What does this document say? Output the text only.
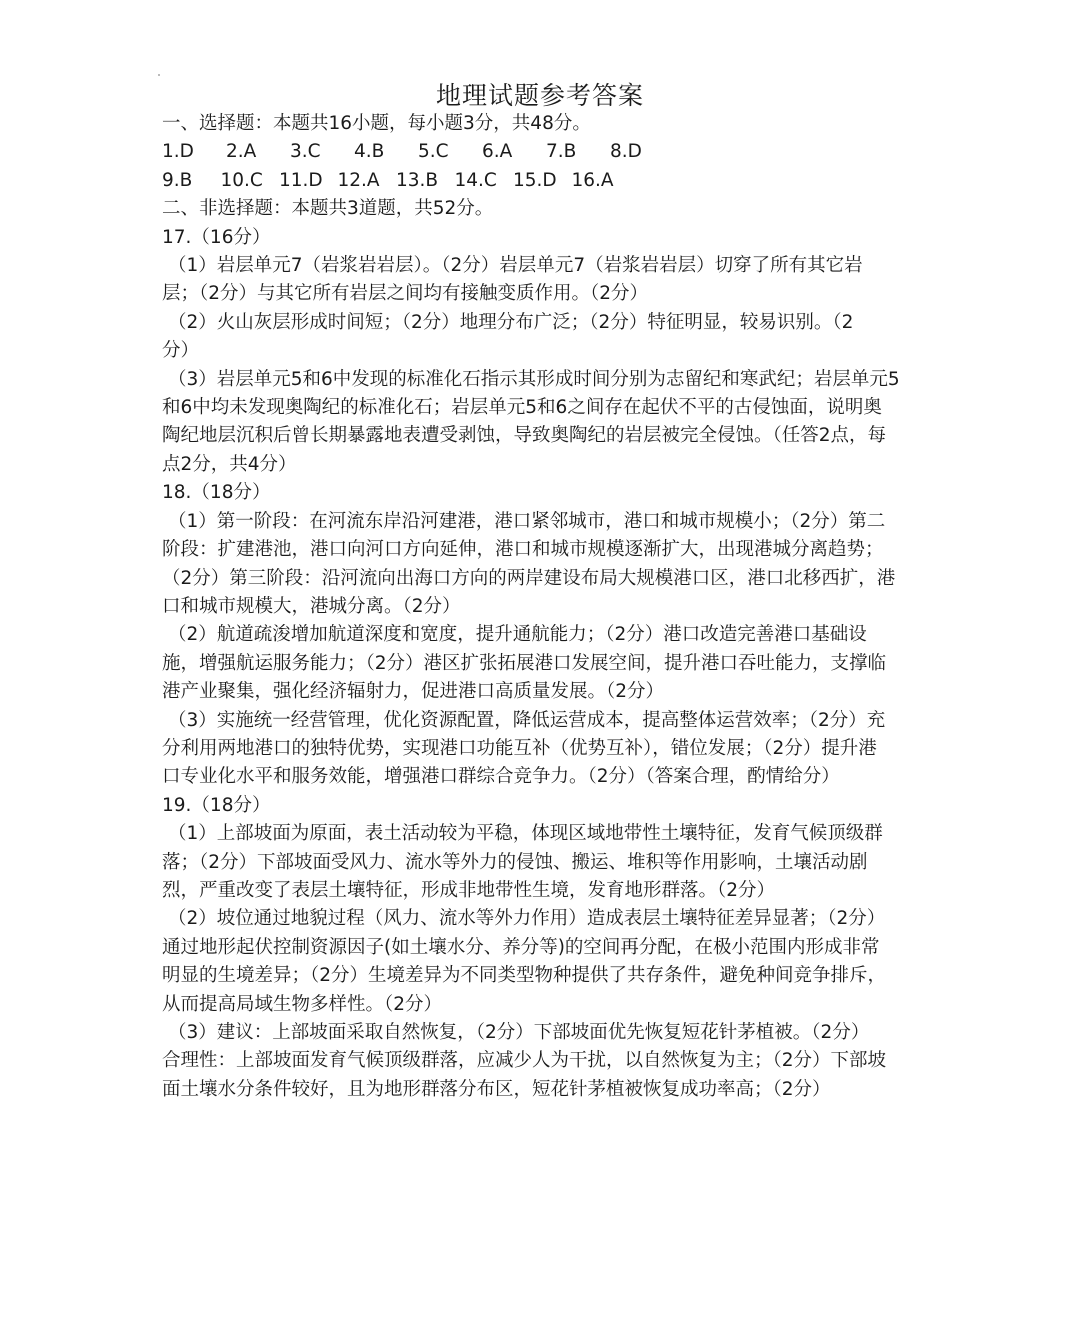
地理试题参考答案
一、选择题：本题共16小题，每小题3分，共48分。
1.D	2.A	3.C	4.B	5.C	6.A	7.B	8.D
9.B	10.C 11.D 12.A 13.B 14.C 15.D 16.A
二、非选择题：本题共3道题，共52分。
17.（16分）
（1）岩层单元7（岩浆岩岩层）。（2分）岩层单元7（岩浆岩岩层）切穿了所有其它岩
层；（2分）与其它所有岩层之间均有接触变质作用。（2分）
（2）火山灰层形成时间短；（2分）地理分布广泛；（2分）特征明显，较易识别。（2
分）
（3）岩层单元5和6中发现的标准化石指示其形成时间分别为志留纪和寒武纪；岩层单元5
和6中均未发现奥陶纪的标准化石；岩层单元5和6之间存在起伏不平的古侵蚀面，说明奥
陶纪地层沉积后曾长期暴露地表遭受剥蚀，导致奥陶纪的岩层被完全侵蚀。（任答2点，每
点2分，共4分）
18.（18分）
（1）第一阶段：在河流东岸沿河建港，港口紧邻城市，港口和城市规模小；（2分）第二
阶段：扩建港池，港口向河口方向延伸，港口和城市规模逐渐扩大，出现港城分离趋势；
（2分）第三阶段：沿河流向出海口方向的两岸建设布局大规模港口区，港口北移西扩，港
口和城市规模大，港城分离。（2分）
（2）航道疏浚增加航道深度和宽度，提升通航能力；（2分）港口改造完善港口基础设
施，增强航运服务能力；（2分）港区扩张拓展港口发展空间，提升港口吞吐能力，支撑临
港产业聚集，强化经济辐射力，促进港口高质量发展。（2分）
（3）实施统一经营管理，优化资源配置，降低运营成本，提高整体运营效率；（2分）充
分利用两地港口的独特优势，实现港口功能互补（优势互补），错位发展；（2分）提升港
口专业化水平和服务效能，增强港口群综合竞争力。（2分）（答案合理，酌情给分）
19.（18分）
（1）上部坡面为原面，表土活动较为平稳，体现区域地带性土壤特征，发育气候顶级群
落；（2分）下部坡面受风力、流水等外力的侵蚀、搬运、堆积等作用影响，土壤活动剧
烈，严重改变了表层土壤特征，形成非地带性生境，发育地形群落。（2分）
（2）坡位通过地貌过程（风力、流水等外力作用）造成表层土壤特征差异显著；（2分）
通过地形起伏控制资源因子(如土壤水分、养分等)的空间再分配，在极小范围内形成非常
明显的生境差异；（2分）生境差异为不同类型物种提供了共存条件，避免种间竞争排斥，
从而提高局域生物多样性。（2分）
（3）建议：上部坡面采取自然恢复，（2分）下部坡面优先恢复短花针茅植被。（2分）
合理性：上部坡面发育气候顶级群落，应减少人为干扰，以自然恢复为主；（2分）下部坡
面土壤水分条件较好，且为地形群落分布区，短花针茅植被恢复成功率高；（2分）
